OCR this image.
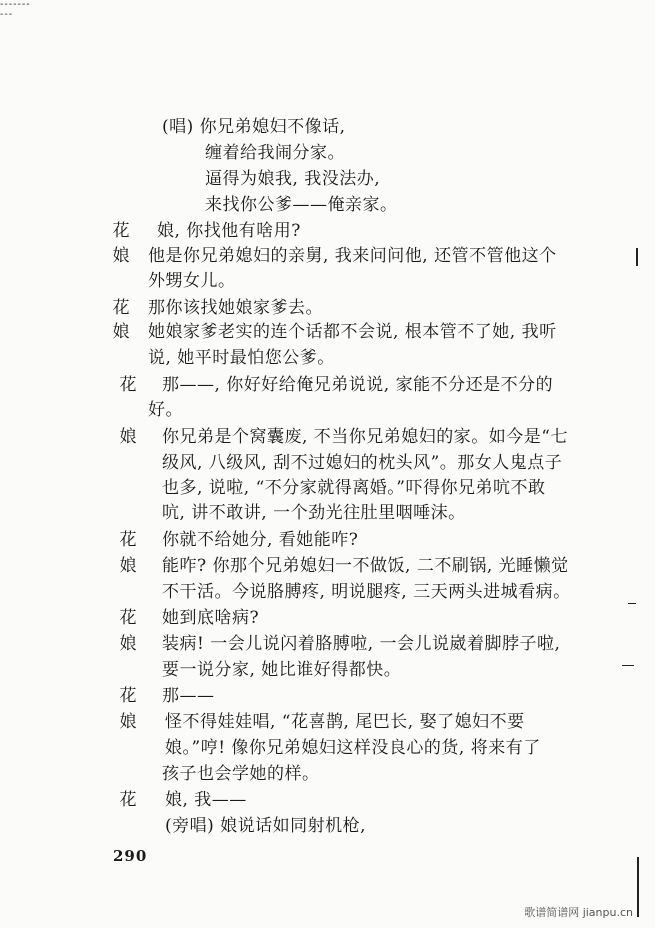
----------
(唱) 你兄弟媳妇不像话,
缠着给我闹分家。
逼得为娘我, 我没法办,
来找你公爹——俺亲家。
花 娘, 你找他有啥用?
娘 他是你兄弟媳妇的亲舅, 我来问问他, 还管不管他这个
外甥女儿。
花 那你该找她娘家爹去。
娘 她娘家爹老实的连个话都不会说, 根本管不了她, 我听
说, 她平时最怕您公爹。
花 那——, 你好好给俺兄弟说说, 家能不分还是不分的
好。
娘 你兄弟是个窝囊废, 不当你兄弟媳妇的家。如今是“七
级风, 八级风, 刮不过媳妇的枕头风”。那女人鬼点子
也多, 说啦, “不分家就得离婚。”吓得你兄弟吭不敢
吭, 讲不敢讲, 一个劲光往肚里咽唾沫。
花 你就不给她分, 看她能咋?
娘 能咋? 你那个兄弟媳妇一不做饭, 二不刷锅, 光睡懒觉
不干活。今说胳膊疼, 明说腿疼, 三天两头进城看病。
花 她到底啥病?
娘 装病! 一会儿说闪着胳膊啦, 一会儿说崴着脚脖子啦,
要一说分家, 她比谁好得都快。
花 那——
娘 怪不得娃娃唱, “花喜鹊, 尾巴长, 娶了媳妇不要
娘。”哼! 像你兄弟媳妇这样没良心的货, 将来有了
孩子也会学她的样。
花 娘, 我——
(旁唱) 娘说话如同射机枪,
290
歌谱简谱网 jianpu.cn
